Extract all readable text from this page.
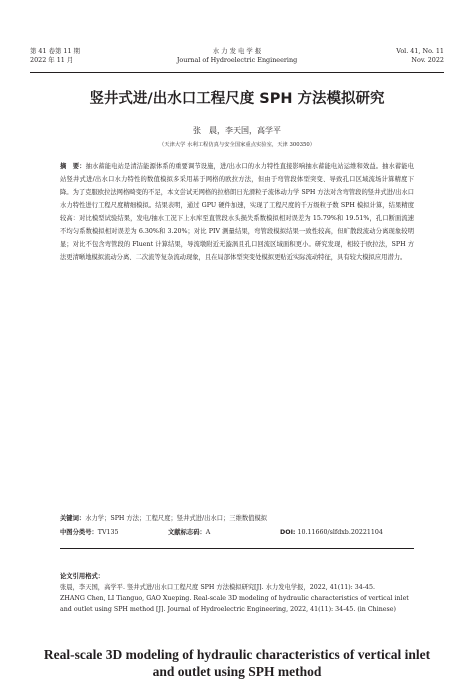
第 41 卷第 11 期
2022 年 11 月
水 力 发 电 学 报
Journal of Hydroelectric Engineering
Vol. 41, No. 11
Nov. 2022
竖井式进/出水口工程尺度 SPH 方法模拟研究
张　晨，李天国，高学平
（天津大学 水利工程仿真与安全国家重点实验室，天津 300350）
摘　要：抽水蓄能电站是清洁能源体系的重要调节设施，进/出水口的水力特性直接影响抽水蓄能电站运维和效益。抽水蓄能电站竖井式进/出水口水力特性的数值模拟多采用基于网格的欧拉方法，但由于弯管段体型突变、导致孔口区域流场计算精度下降。为了克服欧拉法网格畸变的不足，本文尝试无网格的拉格朗日光滑粒子流体动力学 SPH 方法对含弯管段的竖井式进/出水口水力特性进行工程尺度精细模拟。结果表明，通过 GPU 硬件加速，实现了工程尺度的千万级粒子数 SPH 模拟计算，结果精度较高：对比模型试验结果，发电/抽水工况下上水库至直管段水头损失系数模拟相对误差为 15.79%和 19.51%，孔口断面流速不均匀系数模拟相对误差为 6.30%和 3.20%；对比 PIV 测量结果，弯管段模拟结果一致性较高，但旷散段流动分离现象较明显；对比不包含弯管段的 Fluent 计算结果，导流墩附近无漩涡且孔口回流区域面积更小。研究发现，相较于欧拉法，SPH 方法更清晰地模拟流动分离、二次流等复杂流动现象，且在局部体型突变处模拟更贴近实际流动特征，具有较大模拟应用潜力。
关键词：水力学；SPH 方法；工程尺度；竖井式进/出水口；三维数值模拟
中图分类号：TV135	文献标志码：A	DOI: 10.11660/slfdxb.20221104
论文引用格式：
张晨，李天国，高学平. 竖井式进/出水口工程尺度 SPH 方法模拟研究[J]. 水力发电学报，2022, 41(11): 34-45.
ZHANG Chen, LI Tianguo, GAO Xueping. Real-scale 3D modeling of hydraulic characteristics of vertical inlet and outlet using SPH method [J]. Journal of Hydroelectric Engineering, 2022, 41(11): 34-45. (in Chinese)
Real-scale 3D modeling of hydraulic characteristics of vertical inlet and outlet using SPH method
